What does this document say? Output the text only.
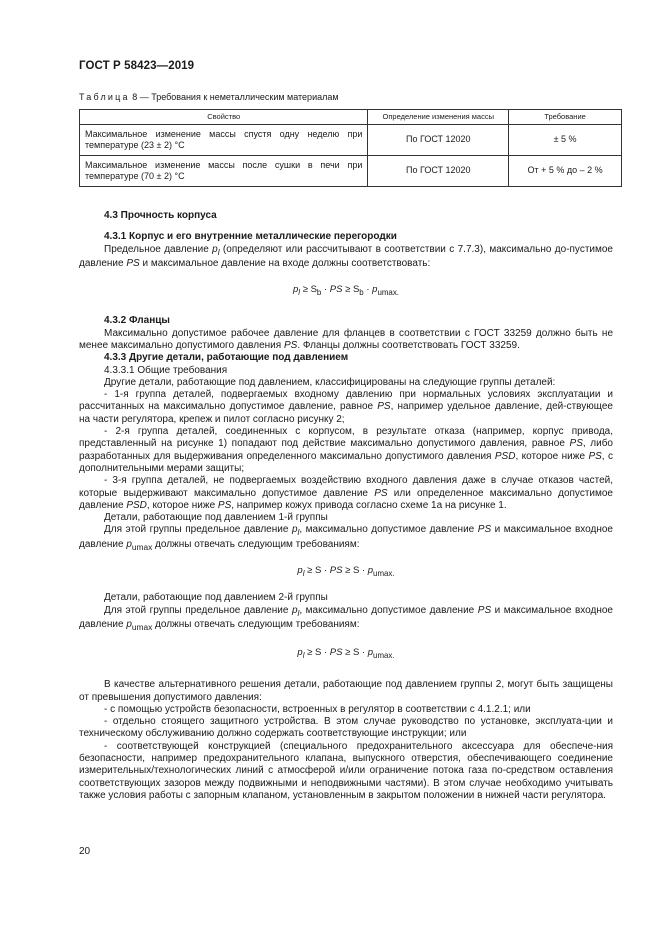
ГОСТ Р 58423—2019
Таблица 8 — Требования к неметаллическим материалам
Свойство	Определение изменения массы	Требование
Максимальное изменение массы спустя одну неделю при температуре (23 ± 2) °С	По ГОСТ 12020	± 5 %
Максимальное изменение массы после сушки в печи при температуре (70 ± 2) °С	По ГОСТ 12020	От + 5 % до – 2 %

4.3 Прочность корпуса

4.3.1 Корпус и его внутренние металлические перегородки

Предельное давление $p_l$ (определяют или рассчитывают в соответствии с 7.7.3), максимально до-пустимое давление PS и максимальное давление на входе должны соответствовать:

$p_l \ge S_b$ · PS ≥ $S_b \cdot p_{umax.}$

4.3.2 Фланцы

Максимально допустимое рабочее давление для фланцев в соответствии с ГОСТ 33259 должно быть не менее максимально допустимого давления PS. Фланцы должны соответствовать ГОСТ 33259.

4.3.3 Другие детали, работающие под давлением

4.3.3.1 Общие требования

Другие детали, работающие под давлением, классифицированы на следующие группы деталей:

- 1-я группа деталей, подвергаемых входному давлению при нормальных условиях эксплуатации и рассчитанных на максимально допустимое давление, равное PS, например удельное давление, дей-ствующее на части регулятора, крепеж и пилот согласно рисунку 2;

- 2-я группа деталей, соединенных с корпусом, в результате отказа (например, корпус привода, представленный на рисунке 1) попадают под действие максимально допустимого давления, равное PS, либо разработанных для выдерживания определенного максимально допустимого давления PSD, которое ниже PS, с дополнительными мерами защиты;

- 3-я группа деталей, не подвергаемых воздействию входного давления даже в случае отказов частей, которые выдерживают максимально допустимое давление PS или определенное максимально допустимое давление PSD, которое ниже PS, например кожух привода согласно схеме 1а на рисунке 1.

Детали, работающие под давлением 1-й группы

Для этой группы предельное давление $p_l$, максимально допустимое давление PS и максимальное входное давление $p_{umax}$ должны отвечать следующим требованиям:

$p_l \ge S$ · PS ≥ $S \cdot p_{umax.}$

Детали, работающие под давлением 2-й группы

Для этой группы предельное давление $p_l$, максимально допустимое давление PS и максимальное входное давление $p_{umax}$ должны отвечать следующим требованиям:

$p_l \ge S$ · PS ≥ $S \cdot p_{umax.}$

В качестве альтернативного решения детали, работающие под давлением группы 2, могут быть защищены от превышения допустимого давления:

- с помощью устройств безопасности, встроенных в регулятор в соответствии с 4.1.2.1; или

- отдельно стоящего защитного устройства. В этом случае руководство по установке, эксплуата-ции и техническому обслуживанию должно содержать соответствующие инструкции; или

- соответствующей конструкцией (специального предохранительного аксессуара для обеспече-ния безопасности, например предохранительного клапана, выпускного отверстия, обеспечивающего соединение измерительных/технологических линий с атмосферой и/или ограничение потока газа по-средством оставления соответствующих зазоров между подвижными и неподвижными частями). В этом случае необходимо учитывать также условия работы с запорным клапаном, установленным в закрытом положении в нижней части регулятора.

20
